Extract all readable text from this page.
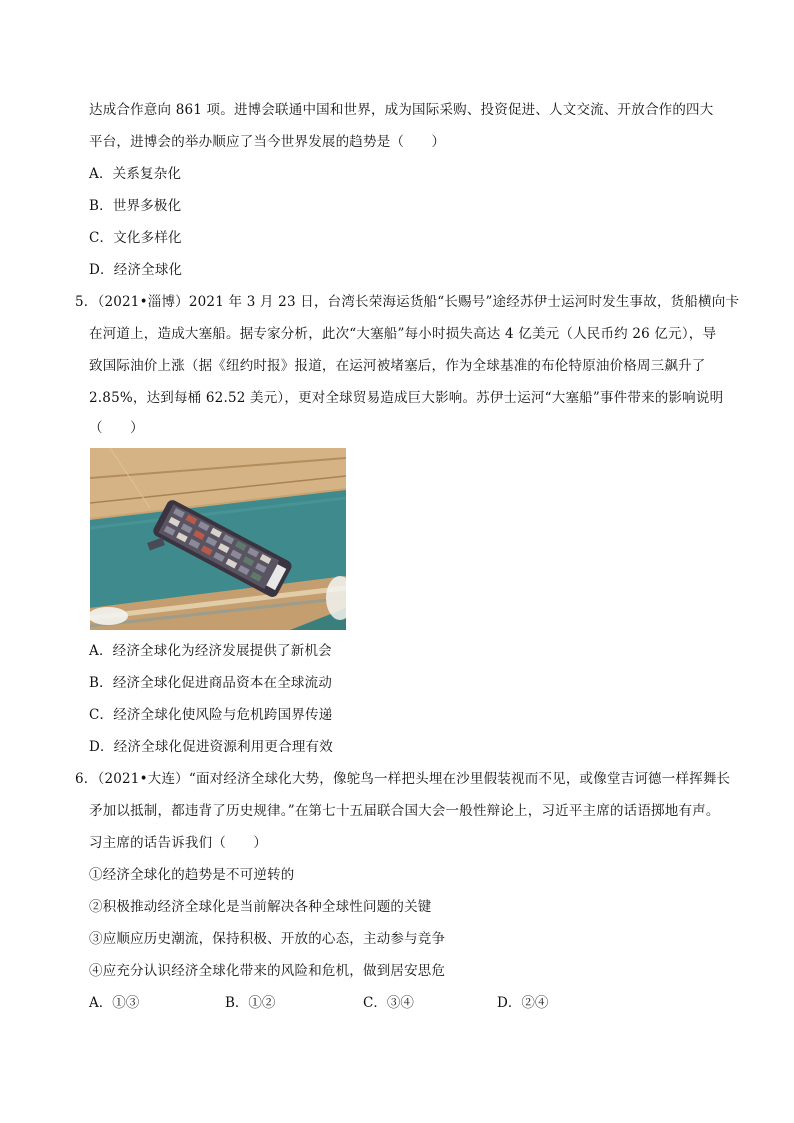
达成合作意向 861 项。进博会联通中国和世界，成为国际采购、投资促进、人文交流、开放合作的四大
平台，进博会的举办顺应了当今世界发展的趋势是（　　）
A．关系复杂化
B．世界多极化
C．文化多样化
D．经济全球化
5．（2021•淄博）2021 年 3 月 23 日，台湾长荣海运货船“长赐号”途经苏伊士运河时发生事故，货船横向卡
在河道上，造成大塞船。据专家分析，此次“大塞船”每小时损失高达 4 亿美元（人民币约 26 亿元），导
致国际油价上涨（据《纽约时报》报道，在运河被堵塞后，作为全球基准的布伦特原油价格周三飙升了
2.85%，达到每桶 62.52 美元），更对全球贸易造成巨大影响。苏伊士运河“大塞船”事件带来的影响说明
（　　）
A．经济全球化为经济发展提供了新机会
B．经济全球化促进商品资本在全球流动
C．经济全球化使风险与危机跨国界传递
D．经济全球化促进资源利用更合理有效
6．（2021•大连）“面对经济全球化大势，像鸵鸟一样把头埋在沙里假装视而不见，或像堂吉诃德一样挥舞长
矛加以抵制，都违背了历史规律。”在第七十五届联合国大会一般性辩论上，习近平主席的话语掷地有声。
习主席的话告诉我们（　　）
①经济全球化的趋势是不可逆转的
②积极推动经济全球化是当前解决各种全球性问题的关键
③应顺应历史潮流，保持积极、开放的心态，主动参与竞争
④应充分认识经济全球化带来的风险和危机，做到居安思危
A．①③	B．①②	C．③④	D．②④
